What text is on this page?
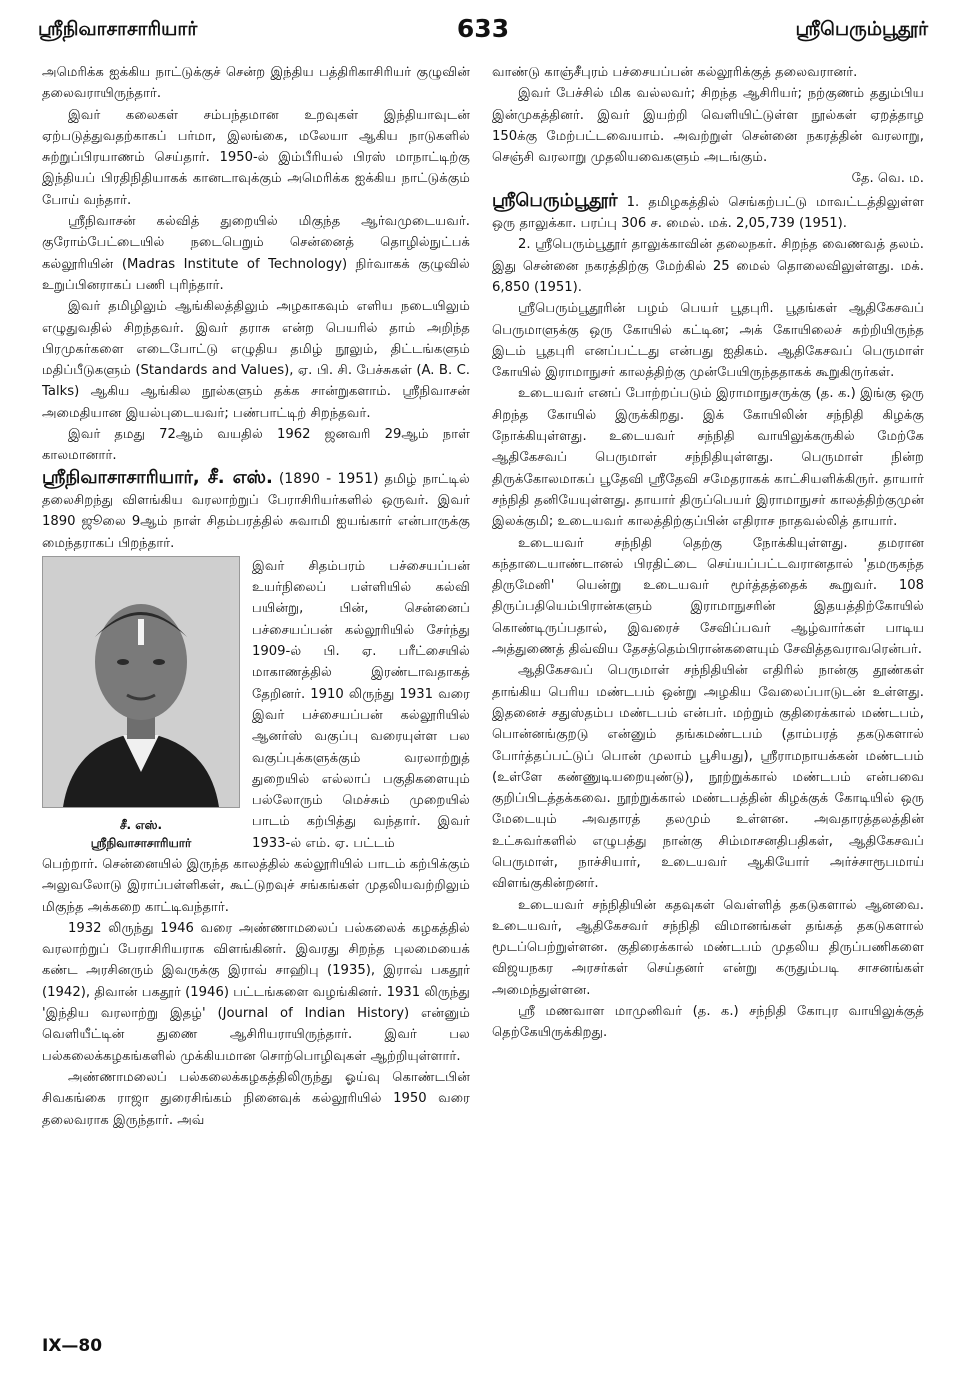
ஸ்ரீநிவாசாசாரியார்	633	ஸ்ரீபெரும்பூதூர்

அமெரிக்க ஐக்கிய நாட்டுக்குச் சென்ற இந்திய பத்திரிகாசிரியர் குழுவின் தலைவராயிருந்தார்.

இவர் கலைகள் சம்பந்தமான உறவுகள் இந்தியாவுடன் ஏற்படுத்துவதற்காகப் பர்மா, இலங்கை, மலேயா ஆகிய நாடுகளில் சுற்றுப்பிரயாணம் செய்தார். 1950-ல் இம்பீரியல் பிரஸ் மாநாட்டிற்கு இந்தியப் பிரதிநிதியாகக் கானடாவுக்கும் அமெரிக்க ஐக்கிய நாட்டுக்கும் போய் வந்தார்.

ஸ்ரீநிவாசன் கல்வித் துறையில் மிகுந்த ஆர்வமுடையவர். குரோம்பேட்டையில் நடைபெறும் சென்னைத் தொழில்நுட்பக் கல்லூரியின் (Madras Institute of Technology) நிர்வாகக் குழுவில் உறுப்பினராகப் பணி புரிந்தார்.

இவர் தமிழிலும் ஆங்கிலத்திலும் அழகாகவும் எளிய நடையிலும் எழுதுவதில் சிறந்தவர். இவர் தராசு என்ற பெயரில் தாம் அறிந்த பிரமுகர்களை எடைபோட்டு எழுதிய தமிழ் நூலும், திட்டங்களும் மதிப்பீடுகளும் (Standards and Values), ஏ. பி. சி. பேச்சுகள் (A. B. C. Talks) ஆகிய ஆங்கில நூல்களும் தக்க சான்றுகளாம். ஸ்ரீநிவாசன் அமைதியான இயல்புடையவர்; பண்பாட்டிற் சிறந்தவர்.

இவர் தமது 72ஆம் வயதில் 1962 ஜனவரி 29ஆம் நாள் காலமானார்.

ஸ்ரீநிவாசாசாரியார், சீ. எஸ். (1890 - 1951) தமிழ் நாட்டில் தலைசிறந்து விளங்கிய வரலாற்றுப் பேராசிரியர்களில் ஒருவர். இவர் 1890 ஜூலை 9ஆம் நாள் சிதம்பரத்தில் சுவாமி ஐயங்கார் என்பாருக்கு மைந்தராகப் பிறந்தார்.

சீ. எஸ்.
ஸ்ரீநிவாசாசாரியார்
இவர் சிதம்பரம் பச்சையப்பன் உயர்நிலைப் பள்ளியில் கல்வி பயின்று, பின், சென்னைப் பச்சையப்பன் கல்லூரியில் சேர்ந்து 1909-ல் பி. ஏ. பரீட்சையில் மாகாணத்தில் இரண்டாவதாகத் தேறினர். 1910 லிருந்து 1931 வரை இவர் பச்சையப்பன் கல்லூரியில் ஆனர்ஸ் வகுப்பு வரையுள்ள பல வகுப்புக்களுக்கும் வரலாற்றுத் துறையில் எல்லாப் பகுதிகளையும் பல்லோரும் மெச்சும் முறையில் பாடம் கற்பித்து வந்தார். இவர் 1933-ல் எம். ஏ. பட்டம்

பெற்றார். சென்னையில் இருந்த காலத்தில் கல்லூரியில் பாடம் கற்பிக்கும் அலுவலோடு இராப்பள்ளிகள், கூட்டுறவுச் சங்கங்கள் முதலியவற்றிலும் மிகுந்த அக்கறை காட்டிவந்தார்.

1932 லிருந்து 1946 வரை அண்ணாமலைப் பல்கலைக் கழகத்தில் வரலாற்றுப் பேராசிரியராக விளங்கினர். இவரது சிறந்த புலமையைக் கண்ட அரசினரும் இவருக்கு இராவ் சாஹிபு (1935), இராவ் பகதூர் (1942), திவான் பகதூர் (1946) பட்டங்களை வழங்கினர். 1931 லிருந்து 'இந்திய வரலாற்று இதழ்' (Journal of Indian History) என்னும் வெளியீட்டின் துணை ஆசிரியராயிருந்தார். இவர் பல பல்கலைக்கழகங்களில் முக்கியமான சொற்பொழிவுகள் ஆற்றியுள்ளார்.

அண்ணாமலைப் பல்கலைக்கழகத்திலிருந்து ஓய்வு கொண்டபின் சிவகங்கை ராஜா துரைசிங்கம் நினைவுக் கல்லூரியில் 1950 வரை தலைவராக இருந்தார். அவ்

வாண்டு காஞ்சீபுரம் பச்சையப்பன் கல்லூரிக்குத் தலைவரானர்.

இவர் பேச்சில் மிக வல்லவர்; சிறந்த ஆசிரியர்; நற்குணம் ததும்பிய இன்முகத்தினர். இவர் இயற்றி வெளியிட்டுள்ள நூல்கள் ஏறத்தாழ 150க்கு மேற்பட்டவையாம். அவற்றுள் சென்னை நகரத்தின் வரலாறு, செஞ்சி வரலாறு முதலியவைகளும் அடங்கும்.

தே. வெ. ம.

ஸ்ரீபெரும்பூதூர் 1. தமிழகத்தில் செங்கற்பட்டு மாவட்டத்திலுள்ள ஒரு தாலுக்கா. பரப்பு 306 ச. மைல். மக். 2,05,739 (1951).

2. ஸ்ரீபெரும்பூதூர் தாலுக்காவின் தலைநகர். சிறந்த வைணவத் தலம். இது சென்னை நகரத்திற்கு மேற்கில் 25 மைல் தொலைவிலுள்ளது. மக். 6,850 (1951).

ஸ்ரீபெரும்பூதூரின் பழம் பெயர் பூதபுரி. பூதங்கள் ஆதிகேசவப் பெருமாளுக்கு ஒரு கோயில் கட்டின; அக் கோயிலைச் சுற்றியிருந்த இடம் பூதபுரி எனப்பட்டது என்பது ஐதிகம். ஆதிகேசவப் பெருமாள் கோயில் இராமாநுசர் காலத்திற்கு முன்பேயிருந்ததாகக் கூறுகிருர்கள்.

உடையவர் எனப் போற்றப்படும் இராமாநுசருக்கு (த. க.) இங்கு ஒரு சிறந்த கோயில் இருக்கிறது. இக் கோயிலின் சந்நிதி கிழக்கு நோக்கியுள்ளது. உடையவர் சந்நிதி வாயிலுக்கருகில் மேற்கே ஆதிகேசவப் பெருமாள் சந்நிதியுள்ளது. பெருமாள் நின்ற திருக்கோலமாகப் பூதேவி ஸ்ரீதேவி சமேதராகக் காட்சியளிக்கிருர். தாயார் சந்நிதி தனியேயுள்ளது. தாயார் திருப்பெயர் இராமாநுசர் காலத்திற்குமுன் இலக்குமி; உடையவர் காலத்திற்குப்பின் எதிராச நாதவல்லித் தாயார்.

உடையவர் சந்நிதி தெற்கு நோக்கியுள்ளது. தமரான கந்தாடையாண்டானல் பிரதிட்டை செய்யப்பட்டவரானதால் 'தமருகந்த திருமேனி' யென்று உடையவர் மூர்த்தத்தைக் கூறுவர். 108 திருப்பதியெம்பிரான்களும் இராமாநுசரின் இதயத்திற்கோயில் கொண்டிருப்பதால், இவரைச் சேவிப்பவர் ஆழ்வார்கள் பாடிய அத்துணைத் திவ்விய தேசத்தெம்பிரான்களையும் சேவித்தவராவரென்பர்.

ஆதிகேசவப் பெருமாள் சந்நிதியின் எதிரில் நான்கு தூண்கள் தாங்கிய பெரிய மண்டபம் ஒன்று அழகிய வேலைப்பாடுடன் உள்ளது. இதனைச் சதுஸ்தம்ப மண்டபம் என்பர். மற்றும் குதிரைக்கால் மண்டபம், பொன்னங்குறடு என்னும் தங்கமண்டபம் (தாம்பரத் தகடுகளால் போர்த்தப்பட்டுப் பொன் முலாம் பூசியது), ஸ்ரீராமநாயக்கன் மண்டபம் (உள்ளே கண்ணுடியறையுண்டு), நூற்றுக்கால் மண்டபம் என்பவை குறிப்பிடத்தக்கவை. நூற்றுக்கால் மண்டபத்தின் கிழக்குக் கோடியில் ஒரு மேடையும் அவதாரத் தலமும் உள்ளன. அவதாரத்தலத்தின் உட்சுவர்களில் எழுபத்து நான்கு சிம்மாசனதிபதிகள், ஆதிகேசவப் பெருமாள், நாச்சியார், உடையவர் ஆகியோர் அர்ச்சாரூபமாய் விளங்குகின்றனர்.

உடையவர் சந்நிதியின் கதவுகள் வெள்ளித் தகடுகளால் ஆனவை. உடையவர், ஆதிகேசவர் சந்நிதி விமானங்கள் தங்கத் தகடுகளால் மூடப்பெற்றுள்ளன. குதிரைக்கால் மண்டபம் முதலிய திருப்பணிகளை விஜயநகர அரசர்கள் செய்தனர் என்று கருதும்படி சாசனங்கள் அமைந்துள்ளன.

ஸ்ரீ மணவாள மாமுனிவர் (த. க.) சந்நிதி கோபுர வாயிலுக்குத் தெற்கேயிருக்கிறது.

IX—80
